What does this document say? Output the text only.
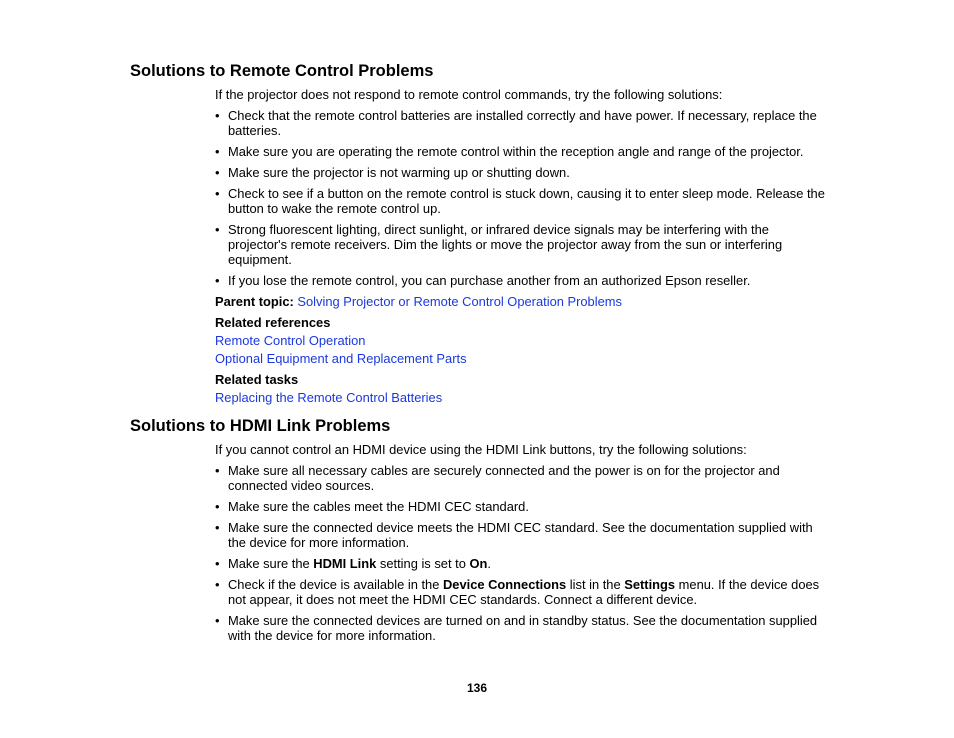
Solutions to Remote Control Problems

If the projector does not respond to remote control commands, try the following solutions:

• Check that the remote control batteries are installed correctly and have power. If necessary, replace the batteries.
• Make sure you are operating the remote control within the reception angle and range of the projector.
• Make sure the projector is not warming up or shutting down.
• Check to see if a button on the remote control is stuck down, causing it to enter sleep mode. Release the button to wake the remote control up.
• Strong fluorescent lighting, direct sunlight, or infrared device signals may be interfering with the projector's remote receivers. Dim the lights or move the projector away from the sun or interfering equipment.
• If you lose the remote control, you can purchase another from an authorized Epson reseller.

Parent topic: Solving Projector or Remote Control Operation Problems

Related references
Remote Control Operation
Optional Equipment and Replacement Parts
Related tasks
Replacing the Remote Control Batteries
Solutions to HDMI Link Problems

If you cannot control an HDMI device using the HDMI Link buttons, try the following solutions:

• Make sure all necessary cables are securely connected and the power is on for the projector and connected video sources.
• Make sure the cables meet the HDMI CEC standard.
• Make sure the connected device meets the HDMI CEC standard. See the documentation supplied with the device for more information.
• Make sure the HDMI Link setting is set to On.
• Check if the device is available in the Device Connections list in the Settings menu. If the device does not appear, it does not meet the HDMI CEC standards. Connect a different device.
• Make sure the connected devices are turned on and in standby status. See the documentation supplied with the device for more information.
136
